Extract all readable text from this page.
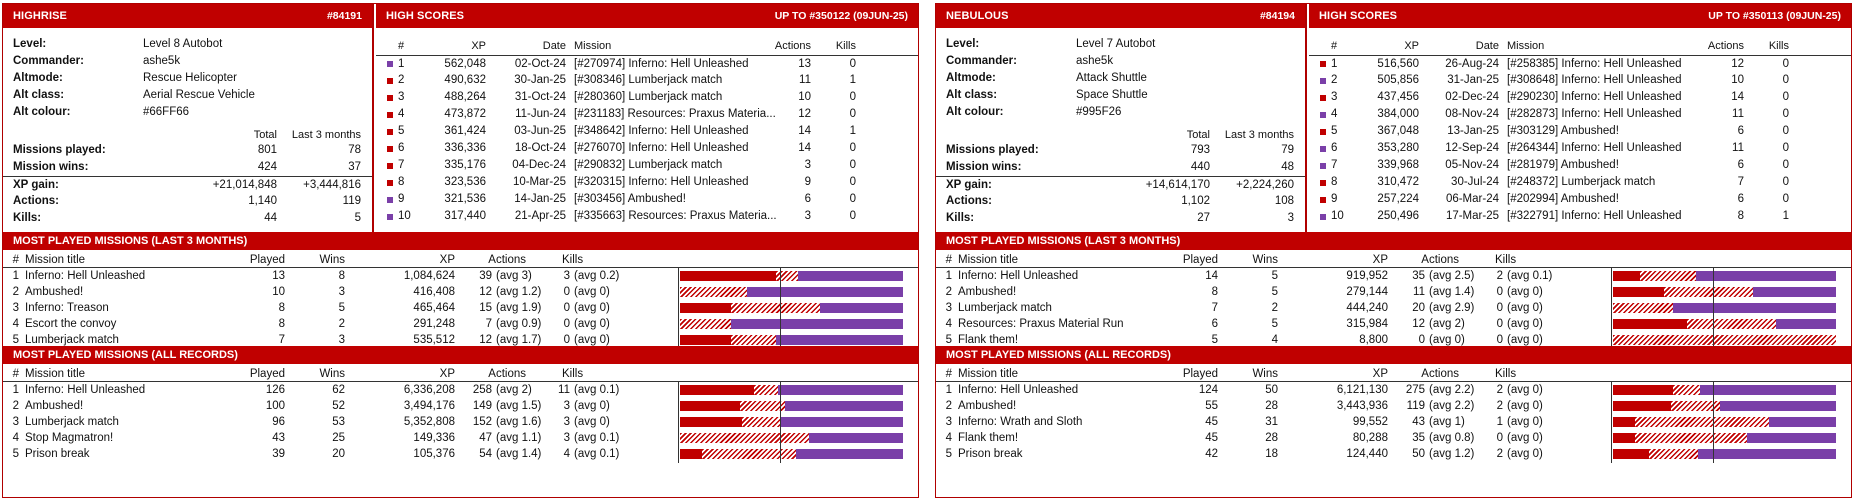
HIGHRISE	#84191
Level:	Level 8 Autobot
Commander:	ashe5k
Altmode:	Rescue Helicopter
Alt class:	Aerial Rescue Vehicle
Alt colour:	#66FF66
Total	Last 3 months
Missions played:	801	78
Mission wins:	424	37
XP gain:	+21,014,848	+3,444,816
Actions:	1,140	119
Kills:	44	5
HIGH SCORES	UP TO #350122 (09JUN-25)
#	XP	Date Mission	Actions	Kills
1	562,048	02-Oct-24 [#270974] Inferno: Hell Unleashed	13	0
2	490,632	30-Jan-25 [#308346] Lumberjack match	11	1
3	488,264	31-Oct-24 [#280360] Lumberjack match	10	0
4	473,872	11-Jun-24 [#231183] Resources: Praxus Materia...	12	0
5	361,424	03-Jun-25 [#348642] Inferno: Hell Unleashed	14	1
6	336,336	18-Oct-24 [#276070] Inferno: Hell Unleashed	14	0
7	335,176	04-Dec-24 [#290832] Lumberjack match	3	0
8	323,536	10-Mar-25 [#320315] Inferno: Hell Unleashed	9	0
9	321,536	14-Jan-25 [#303456] Ambushed!	6	0
10	317,440	21-Apr-25 [#335663] Resources: Praxus Materia...	3	0
MOST PLAYED MISSIONS (LAST 3 MONTHS)
# Mission title	Played	Wins	XP	Actions	Kills
1 Inferno: Hell Unleashed	13	8	1,084,624	39 (avg 3)	3 (avg 0.2)
2 Ambushed!	10	3	416,408	12 (avg 1.2)	0 (avg 0)
3 Inferno: Treason	8	5	465,464	15 (avg 1.9)	0 (avg 0)
4 Escort the convoy	8	2	291,248	7 (avg 0.9)	0 (avg 0)
5 Lumberjack match	7	3	535,512	12 (avg 1.7)	0 (avg 0)
MOST PLAYED MISSIONS (ALL RECORDS)
# Mission title	Played	Wins	XP	Actions	Kills
1 Inferno: Hell Unleashed	126	62	6,336,208	258 (avg 2)	11 (avg 0.1)
2 Ambushed!	100	52	3,494,176	149 (avg 1.5)	3 (avg 0)
3 Lumberjack match	96	53	5,352,808	152 (avg 1.6)	3 (avg 0)
4 Stop Magmatron!	43	25	149,336	47 (avg 1.1)	3 (avg 0.1)
5 Prison break	39	20	105,376	54 (avg 1.4)	4 (avg 0.1)
NEBULOUS	#84194
Level:	Level 7 Autobot
Commander:	ashe5k
Altmode:	Attack Shuttle
Alt class:	Space Shuttle
Alt colour:	#995F26
Total	Last 3 months
Missions played:	793	79
Mission wins:	440	48
XP gain:	+14,614,170	+2,224,260
Actions:	1,102	108
Kills:	27	3
HIGH SCORES	UP TO #350113 (09JUN-25)
#	XP	Date Mission	Actions	Kills
1	516,560	26-Aug-24 [#258385] Inferno: Hell Unleashed	12	0
2	505,856	31-Jan-25 [#308648] Inferno: Hell Unleashed	10	0
3	437,456	02-Dec-24 [#290230] Inferno: Hell Unleashed	14	0
4	384,000	08-Nov-24 [#282873] Inferno: Hell Unleashed	11	0
5	367,048	13-Jan-25 [#303129] Ambushed!	6	0
6	353,280	12-Sep-24 [#264344] Inferno: Hell Unleashed	11	0
7	339,968	05-Nov-24 [#281979] Ambushed!	6	0
8	310,472	30-Jul-24 [#248372] Lumberjack match	7	0
9	257,224	06-Mar-24 [#202994] Ambushed!	6	0
10	250,496	17-Mar-25 [#322791] Inferno: Hell Unleashed	8	1
MOST PLAYED MISSIONS (LAST 3 MONTHS)
# Mission title	Played	Wins	XP	Actions	Kills
1 Inferno: Hell Unleashed	14	5	919,952	35 (avg 2.5)	2 (avg 0.1)
2 Ambushed!	8	5	279,144	11 (avg 1.4)	0 (avg 0)
3 Lumberjack match	7	2	444,240	20 (avg 2.9)	0 (avg 0)
4 Resources: Praxus Material Run	6	5	315,984	12 (avg 2)	0 (avg 0)
5 Flank them!	5	4	8,800	0 (avg 0)	0 (avg 0)
MOST PLAYED MISSIONS (ALL RECORDS)
# Mission title	Played	Wins	XP	Actions	Kills
1 Inferno: Hell Unleashed	124	50	6,121,130	275 (avg 2.2)	2 (avg 0)
2 Ambushed!	55	28	3,443,936	119 (avg 2.2)	2 (avg 0)
3 Inferno: Wrath and Sloth	45	31	99,552	43 (avg 1)	1 (avg 0)
4 Flank them!	45	28	80,288	35 (avg 0.8)	0 (avg 0)
5 Prison break	42	18	124,440	50 (avg 1.2)	2 (avg 0)
